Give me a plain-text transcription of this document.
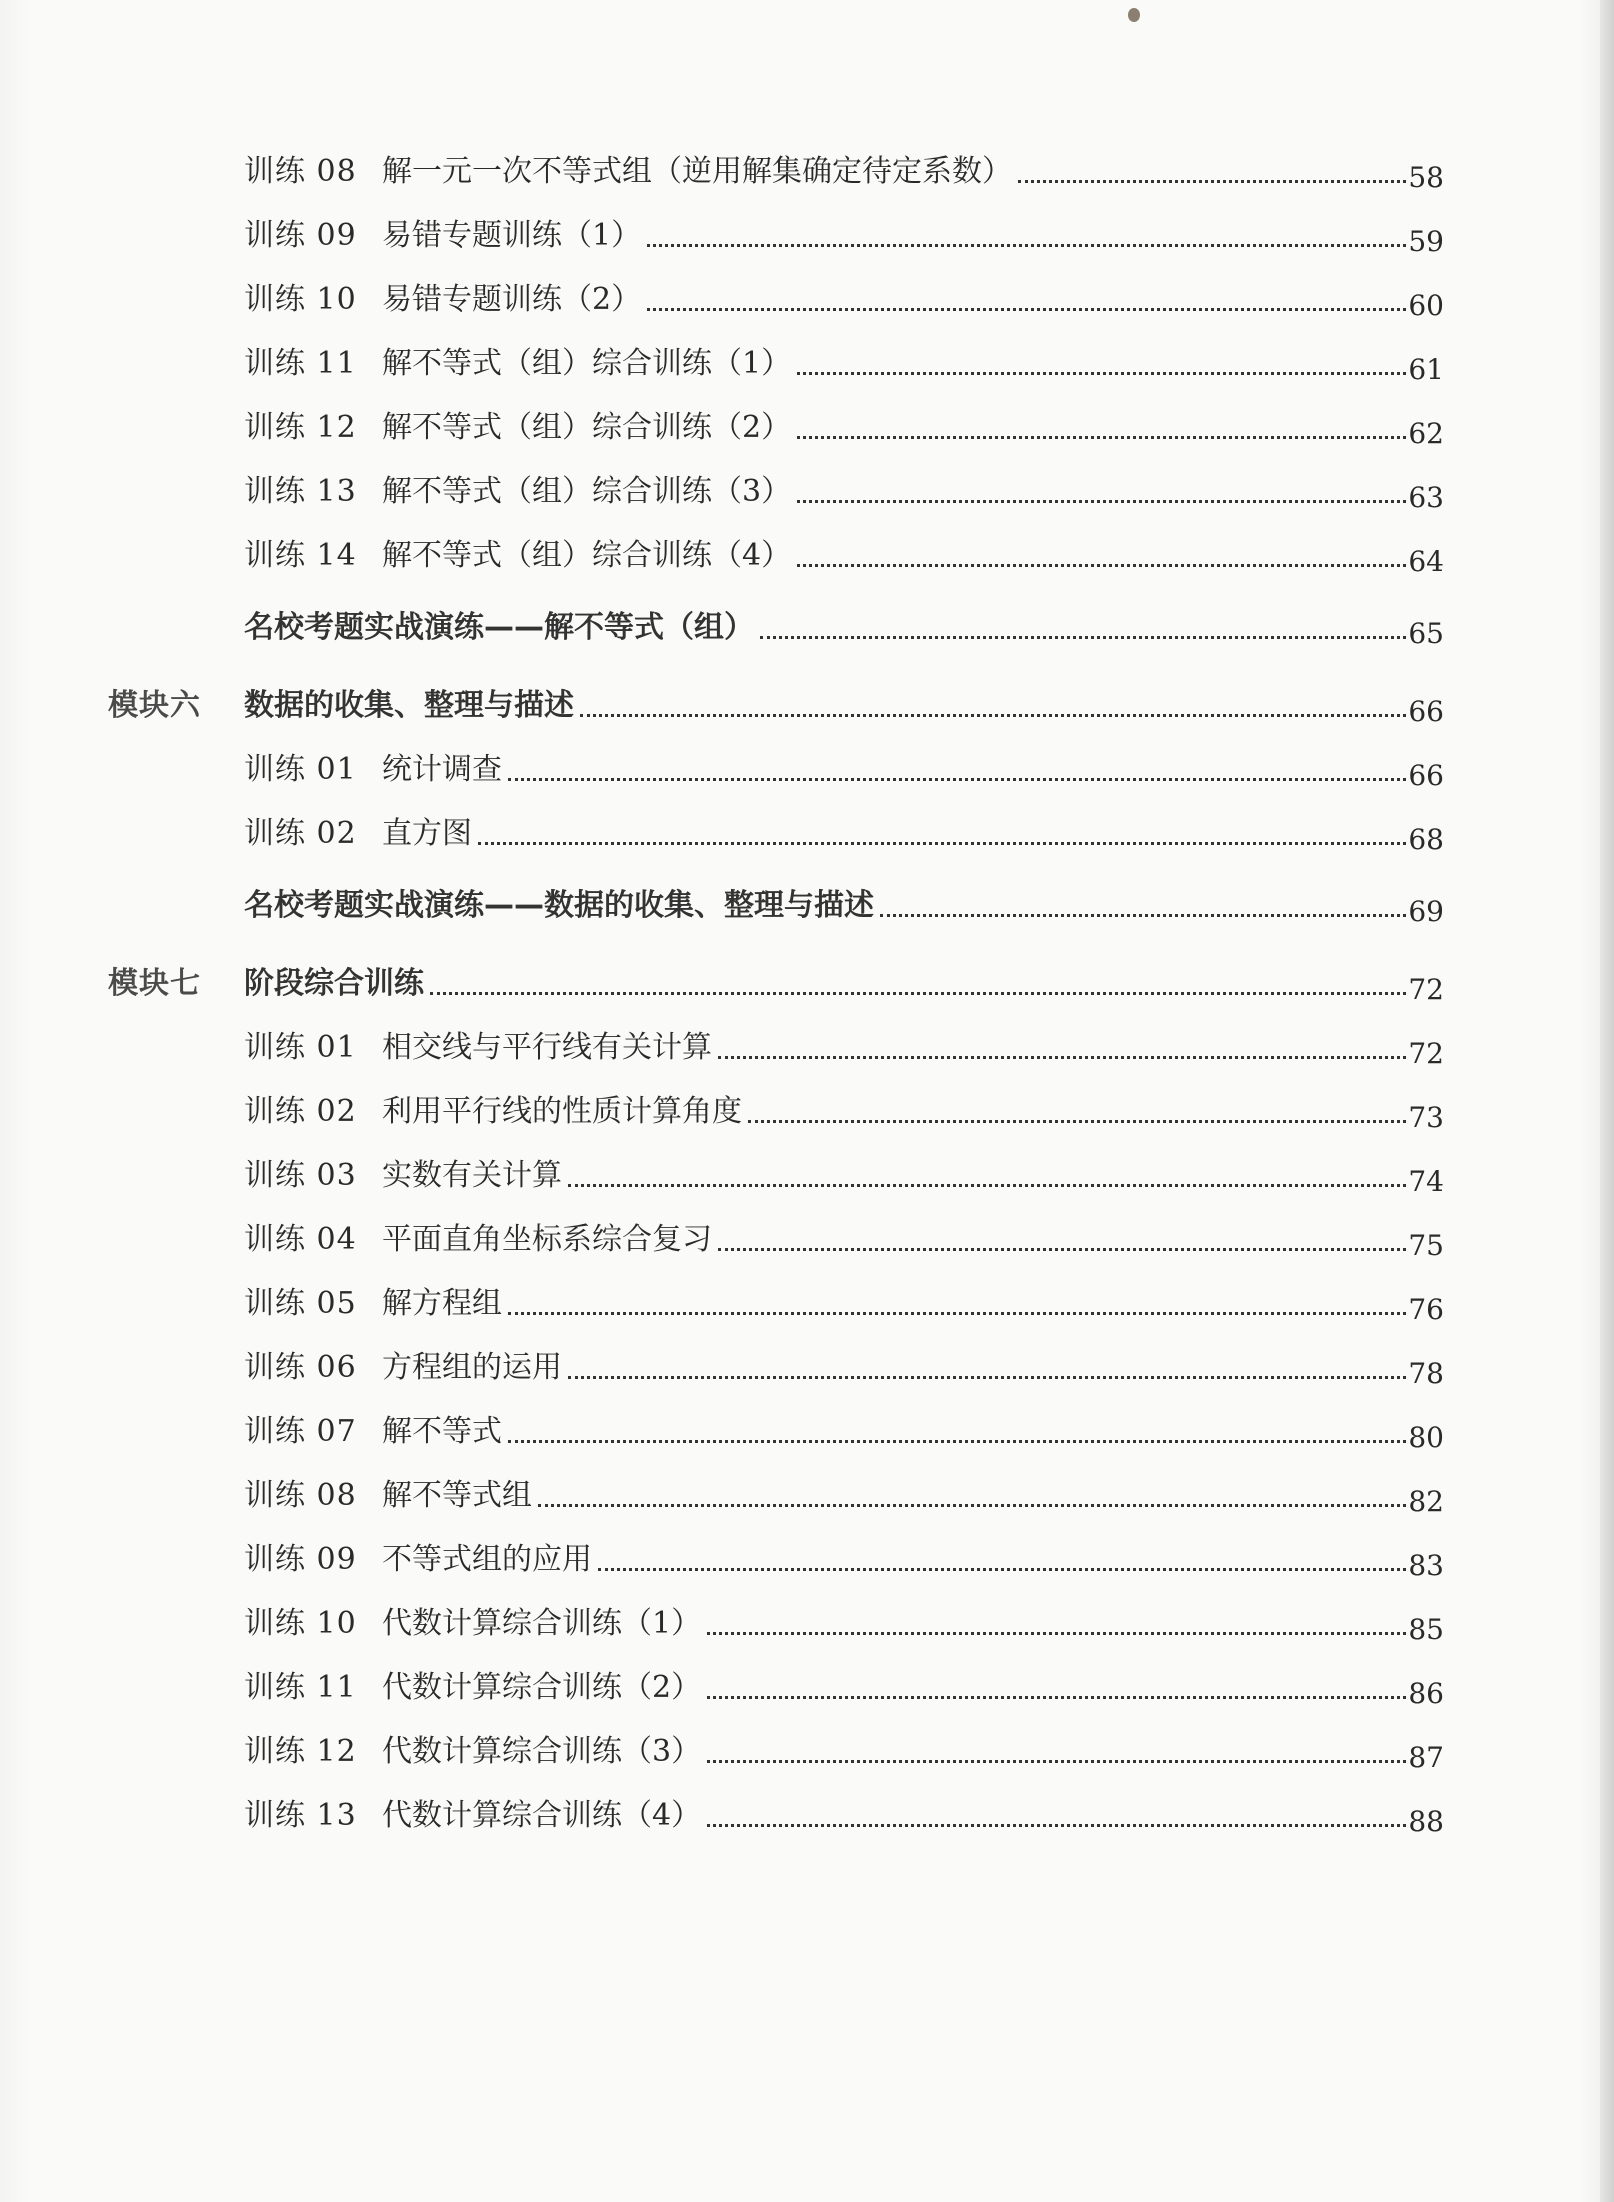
训练 08 解一元一次不等式组（逆用解集确定待定系数）	58
训练 09 易错专题训练（1）	59
训练 10 易错专题训练（2）	60
训练 11 解不等式（组）综合训练（1）	61
训练 12 解不等式（组）综合训练（2）	62
训练 13 解不等式（组）综合训练（3）	63
训练 14 解不等式（组）综合训练（4）	64
名校考题实战演练——解不等式（组）	65
模块六 数据的收集、整理与描述	66
训练 01 统计调查	66
训练 02 直方图	68
名校考题实战演练——数据的收集、整理与描述	69
模块七 阶段综合训练	72
训练 01 相交线与平行线有关计算	72
训练 02 利用平行线的性质计算角度	73
训练 03 实数有关计算	74
训练 04 平面直角坐标系综合复习	75
训练 05 解方程组	76
训练 06 方程组的运用	78
训练 07 解不等式	80
训练 08 解不等式组	82
训练 09 不等式组的应用	83
训练 10 代数计算综合训练（1）	85
训练 11 代数计算综合训练（2）	86
训练 12 代数计算综合训练（3）	87
训练 13 代数计算综合训练（4）	88
